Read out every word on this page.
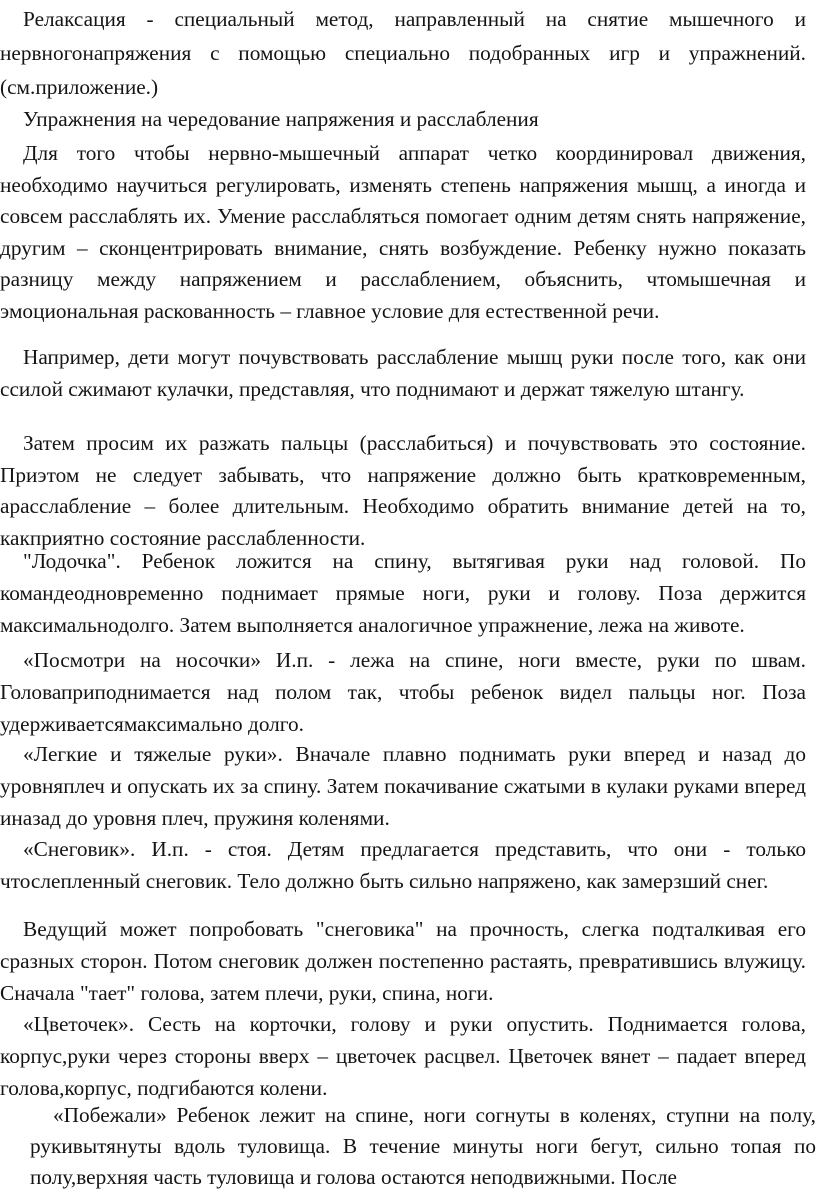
Релаксация - специальный метод, направленный на снятие мышечного и нервногонапряжения с помощью специально подобранных игр и упражнений. (см.приложение.)

Упражнения на чередование напряжения и расслабления

Для того чтобы нервно-мышечный аппарат четко координировал движения, необходимо научиться регулировать, изменять степень напряжения мышц, а иногда и совсем расслаблять их. Умение расслабляться помогает одним детям снять напряжение, другим – сконцентрировать внимание, снять возбуждение. Ребенку нужно показать разницу между напряжением и расслаблением, объяснить, чтомышечная и эмоциональная раскованность – главное условие для естественной речи.

Например, дети могут почувствовать расслабление мышц руки после того, как они ссилой сжимают кулачки, представляя, что поднимают и держат тяжелую штангу.

Затем просим их разжать пальцы (расслабиться) и почувствовать это состояние. Приэтом не следует забывать, что напряжение должно быть кратковременным, арасслабление – более длительным. Необходимо обратить внимание детей на то, какприятно состояние расслабленности.

"Лодочка". Ребенок ложится на спину, вытягивая руки над головой. По командеодновременно поднимает прямые ноги, руки и голову. Поза держится максимальнодолго. Затем выполняется аналогичное упражнение, лежа на животе.

«Посмотри на носочки» И.п. - лежа на спине, ноги вместе, руки по швам. Головаприподнимается над полом так, чтобы ребенок видел пальцы ног. Поза удерживаетсямаксимально долго.

«Легкие и тяжелые руки». Вначале плавно поднимать руки вперед и назад до уровняплеч и опускать их за спину. Затем покачивание сжатыми в кулаки руками вперед иназад до уровня плеч, пружиня коленями.

«Снеговик». И.п. - стоя. Детям предлагается представить, что они - только чтослепленный снеговик. Тело должно быть сильно напряжено, как замерзший снег.

Ведущий может попробовать "снеговика" на прочность, слегка подталкивая его сразных сторон. Потом снеговик должен постепенно растаять, превратившись влужицу. Сначала "тает" голова, затем плечи, руки, спина, ноги.

«Цветочек». Сесть на корточки, голову и руки опустить. Поднимается голова, корпус,руки через стороны вверх – цветочек расцвел. Цветочек вянет – падает вперед голова,корпус, подгибаются колени.

«Побежали» Ребенок лежит на спине, ноги согнуты в коленях, ступни на полу, рукивытянуты вдоль туловища. В течение минуты ноги бегут, сильно топая по полу,верхняя часть туловища и голова остаются неподвижными. После
